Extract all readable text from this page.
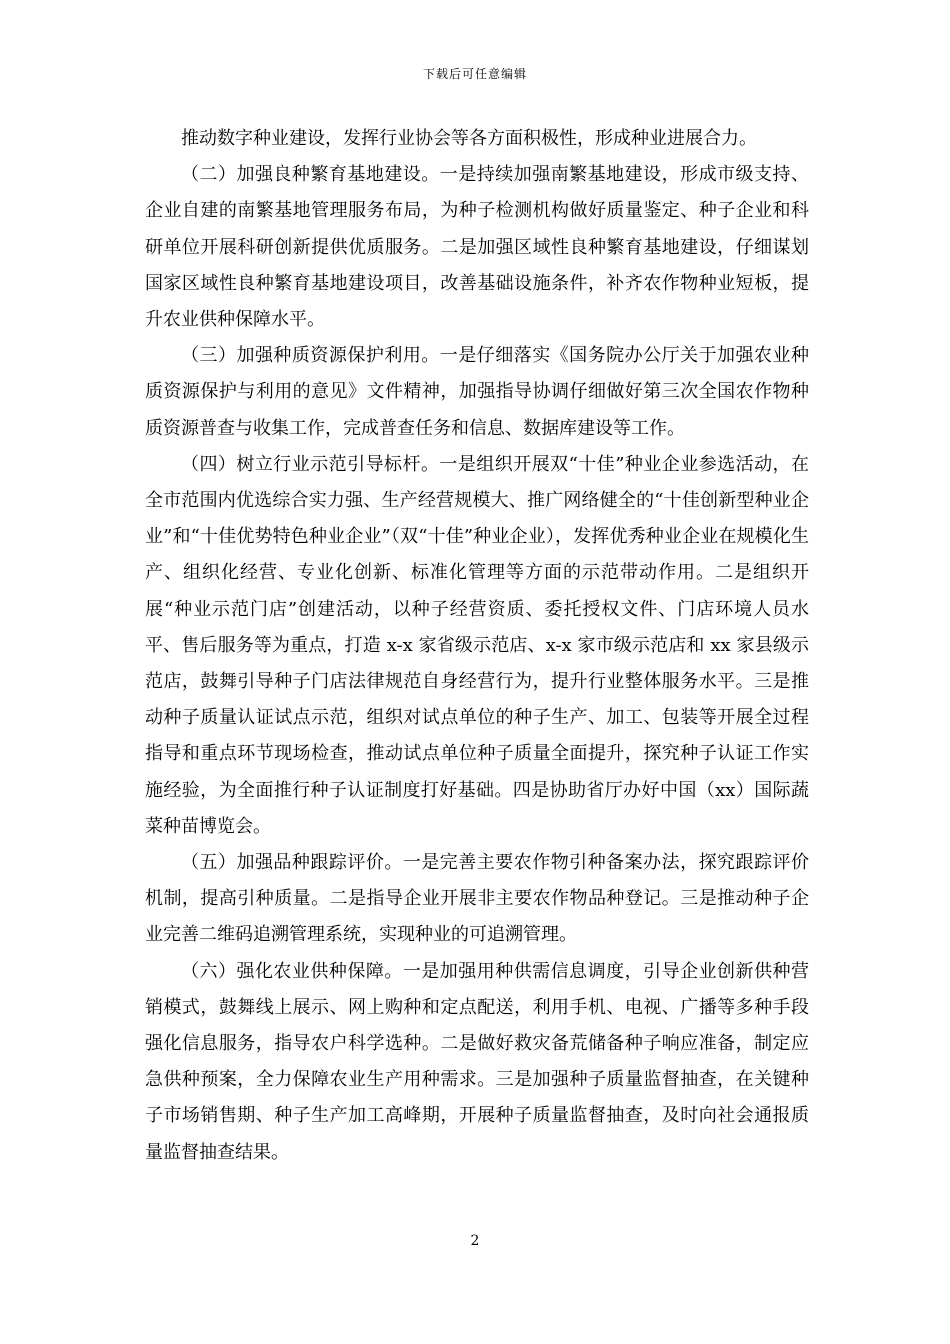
下载后可任意编辑

推动数字种业建设，发挥行业协会等各方面积极性，形成种业进展合力。

（二）加强良种繁育基地建设。一是持续加强南繁基地建设，形成市级支持、企业自建的南繁基地管理服务布局，为种子检测机构做好质量鉴定、种子企业和科研单位开展科研创新提供优质服务。二是加强区域性良种繁育基地建设，仔细谋划国家区域性良种繁育基地建设项目，改善基础设施条件，补齐农作物种业短板，提升农业供种保障水平。

（三）加强种质资源保护利用。一是仔细落实《国务院办公厅关于加强农业种质资源保护与利用的意见》文件精神，加强指导协调仔细做好第三次全国农作物种质资源普查与收集工作，完成普查任务和信息、数据库建设等工作。

（四）树立行业示范引导标杆。一是组织开展双“十佳”种业企业参选活动，在全市范围内优选综合实力强、生产经营规模大、推广网络健全的“十佳创新型种业企业”和“十佳优势特色种业企业”（双“十佳”种业企业），发挥优秀种业企业在规模化生产、组织化经营、专业化创新、标准化管理等方面的示范带动作用。二是组织开展“种业示范门店”创建活动，以种子经营资质、委托授权文件、门店环境人员水平、售后服务等为重点，打造 x-x 家省级示范店、x-x 家市级示范店和 xx 家县级示范店，鼓舞引导种子门店法律规范自身经营行为，提升行业整体服务水平。三是推动种子质量认证试点示范，组织对试点单位的种子生产、加工、包装等开展全过程指导和重点环节现场检查，推动试点单位种子质量全面提升，探究种子认证工作实施经验，为全面推行种子认证制度打好基础。四是协助省厅办好中国（xx）国际蔬菜种苗博览会。

（五）加强品种跟踪评价。一是完善主要农作物引种备案办法，探究跟踪评价机制，提高引种质量。二是指导企业开展非主要农作物品种登记。三是推动种子企业完善二维码追溯管理系统，实现种业的可追溯管理。

（六）强化农业供种保障。一是加强用种供需信息调度，引导企业创新供种营销模式，鼓舞线上展示、网上购种和定点配送，利用手机、电视、广播等多种手段强化信息服务，指导农户科学选种。二是做好救灾备荒储备种子响应准备，制定应急供种预案，全力保障农业生产用种需求。三是加强种子质量监督抽查，在关键种子市场销售期、种子生产加工高峰期，开展种子质量监督抽查，及时向社会通报质量监督抽查结果。

2
